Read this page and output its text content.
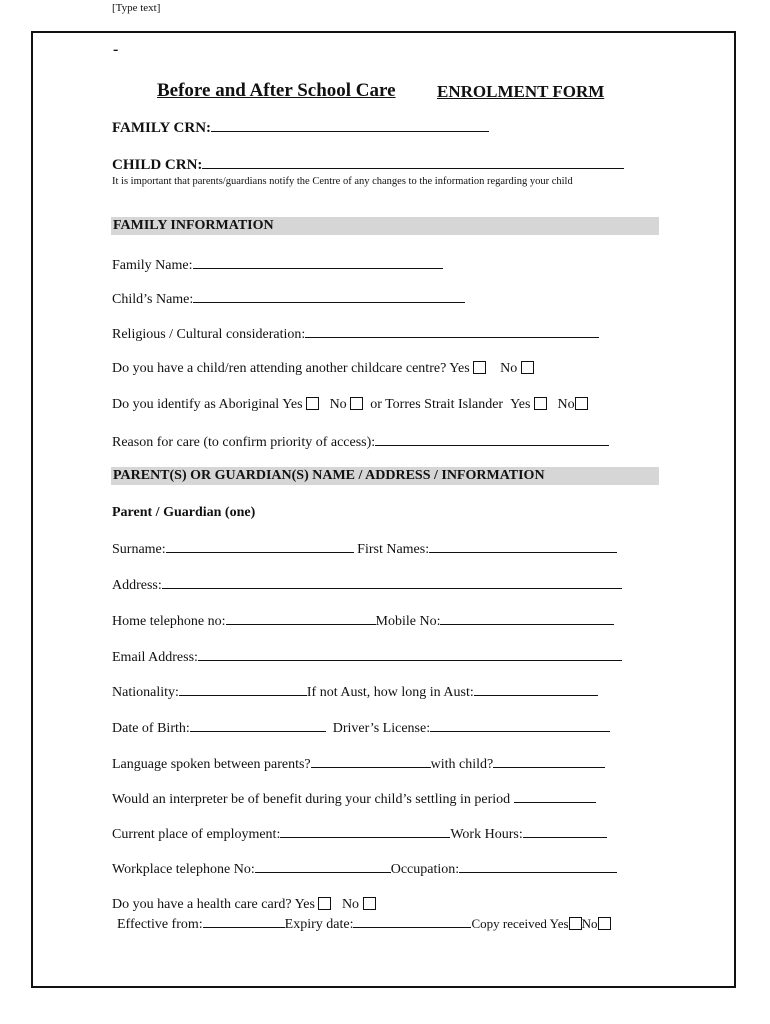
[Type text]
-
Before and After School Care ENROLMENT FORM
FAMILY CRN:
CHILD CRN:
It is important that parents/guardians notify the Centre of any changes to the information regarding your child
FAMILY INFORMATION
Family Name:
Child’s Name:
Religious / Cultural consideration:
Do you have a child/ren attending another childcare centre? Yes No
Do you identify as Aboriginal Yes No or Torres Strait Islander Yes No
Reason for care (to confirm priority of access):
PARENT(S) OR GUARDIAN(S) NAME / ADDRESS / INFORMATION
Parent / Guardian (one)
Surname:	First Names:
Address:
Home telephone no:	Mobile No:
Email Address:
Nationality:	If not Aust, how long in Aust:
Date of Birth:	Driver’s License:
Language spoken between parents?	with child?
Would an interpreter be of benefit during your child’s settling in period
Current place of employment:	Work Hours:
Workplace telephone No:	Occupation:
Do you have a health care card? Yes No
Effective from:	Expiry date:	Copy received Yes No
